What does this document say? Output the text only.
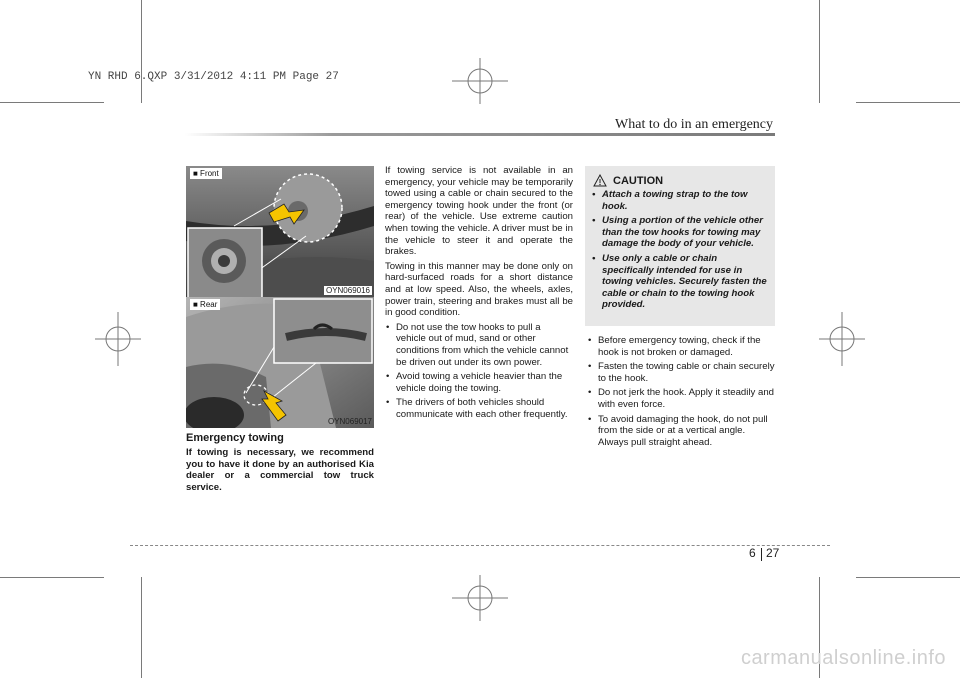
YN RHD 6.QXP 3/31/2012 4:11 PM Page 27
What to do in an emergency
■ Front
OYN069016
■ Rear
OYN069017
Emergency towing
If towing is necessary, we recommend you to have it done by an authorised Kia dealer or a commercial tow truck service.

If towing service is not available in an emergency, your vehicle may be temporarily towed using a cable or chain secured to the emergency towing hook under the front (or rear) of the vehicle. Use extreme caution when towing the vehicle. A driver must be in the vehicle to steer it and operate the brakes.

Towing in this manner may be done only on hard-surfaced roads for a short distance and at low speed. Also, the wheels, axles, power train, steering and brakes must all be in good condition.

• Do not use the tow hooks to pull a vehicle out of mud, sand or other conditions from which the vehicle cannot be driven out under its own power.
• Avoid towing a vehicle heavier than the vehicle doing the towing.
• The drivers of both vehicles should communicate with each other frequently.
CAUTION
• Attach a towing strap to the tow hook.
• Using a portion of the vehicle other than the tow hooks for towing may damage the body of your vehicle.
• Use only a cable or chain specifically intended for use in towing vehicles. Securely fasten the cable or chain to the towing hook provided.
• Before emergency towing, check if the hook is not broken or damaged.
• Fasten the towing cable or chain securely to the hook.
• Do not jerk the hook. Apply it steadily and with even force.
• To avoid damaging the hook, do not pull from the side or at a vertical angle. Always pull straight ahead.
6 27
carmanualsonline.info
